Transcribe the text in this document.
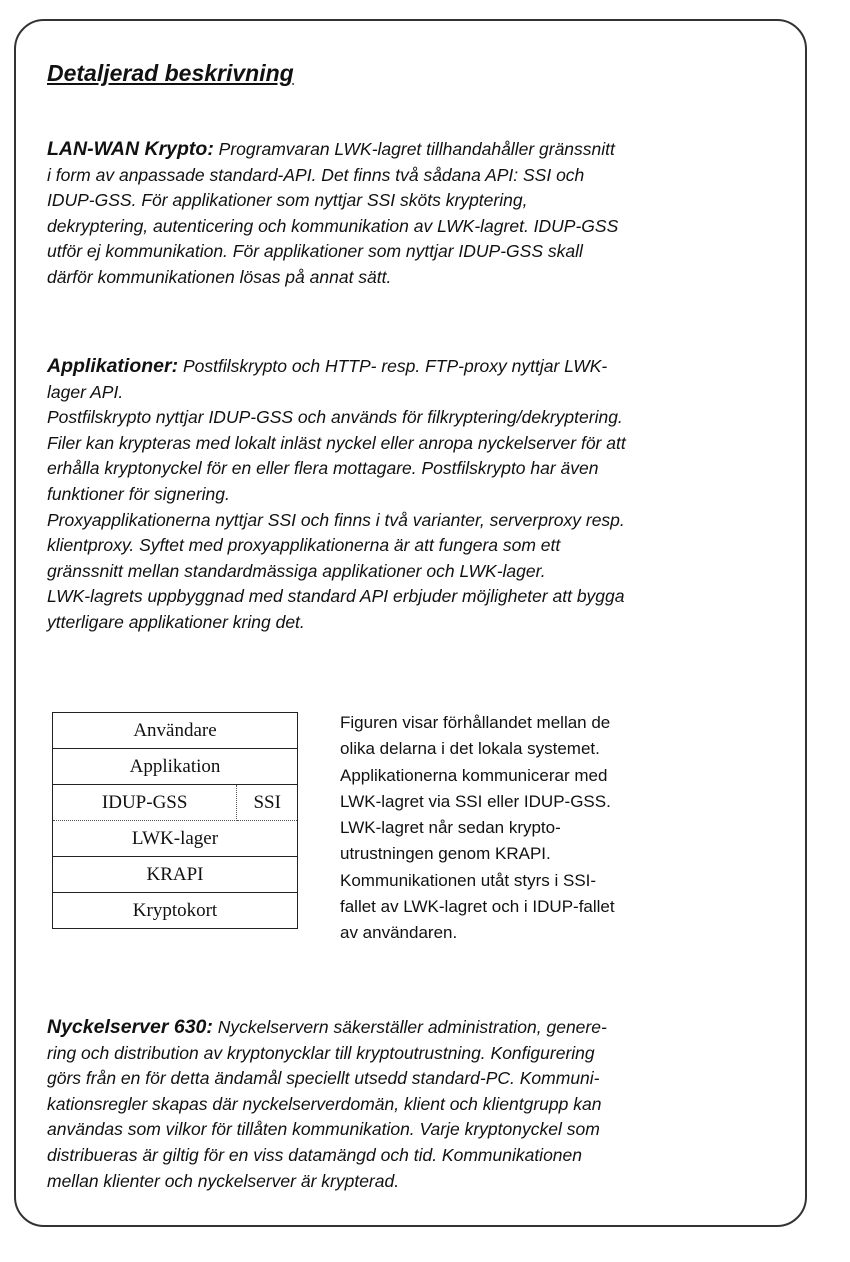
Detaljerad beskrivning
LAN-WAN Krypto: Programvaran LWK-lagret tillhandahåller gränssnitt
i form av anpassade standard-API. Det finns två sådana API: SSI och
IDUP-GSS. För applikationer som nyttjar SSI sköts kryptering,
dekryptering, autenticering och kommunikation av LWK-lagret. IDUP-GSS
utför ej kommunikation. För applikationer som nyttjar IDUP-GSS skall
därför kommunikationen lösas på annat sätt.
Applikationer: Postfilskrypto och HTTP- resp. FTP-proxy nyttjar LWK-
lager API.
Postfilskrypto nyttjar IDUP-GSS och används för filkryptering/dekryptering.
Filer kan krypteras med lokalt inläst nyckel eller anropa nyckelserver för att
erhålla kryptonyckel för en eller flera mottagare. Postfilskrypto har även
funktioner för signering.
Proxyapplikationerna nyttjar SSI och finns i två varianter, serverproxy resp.
klientproxy. Syftet med proxyapplikationerna är att fungera som ett
gränssnitt mellan standardmässiga applikationer och LWK-lager.
LWK-lagrets uppbyggnad med standard API erbjuder möjligheter att bygga
ytterligare applikationer kring det.
Användare
Applikation
IDUP-GSS	SSI
LWK-lager
KRAPI
Kryptokort
Figuren visar förhållandet mellan de
olika delarna i det lokala systemet.
Applikationerna kommunicerar med
LWK-lagret via SSI eller IDUP-GSS.
LWK-lagret når sedan krypto-
utrustningen genom KRAPI.
Kommunikationen utåt styrs i SSI-
fallet av LWK-lagret och i IDUP-fallet
av användaren.
Nyckelserver 630: Nyckelservern säkerställer administration, genere-
ring och distribution av kryptonycklar till kryptoutrustning. Konfigurering
görs från en för detta ändamål speciellt utsedd standard-PC. Kommuni-
kationsregler skapas där nyckelserverdomän, klient och klientgrupp kan
användas som vilkor för tillåten kommunikation. Varje kryptonyckel som
distribueras är giltig för en viss datamängd och tid. Kommunikationen
mellan klienter och nyckelserver är krypterad.
